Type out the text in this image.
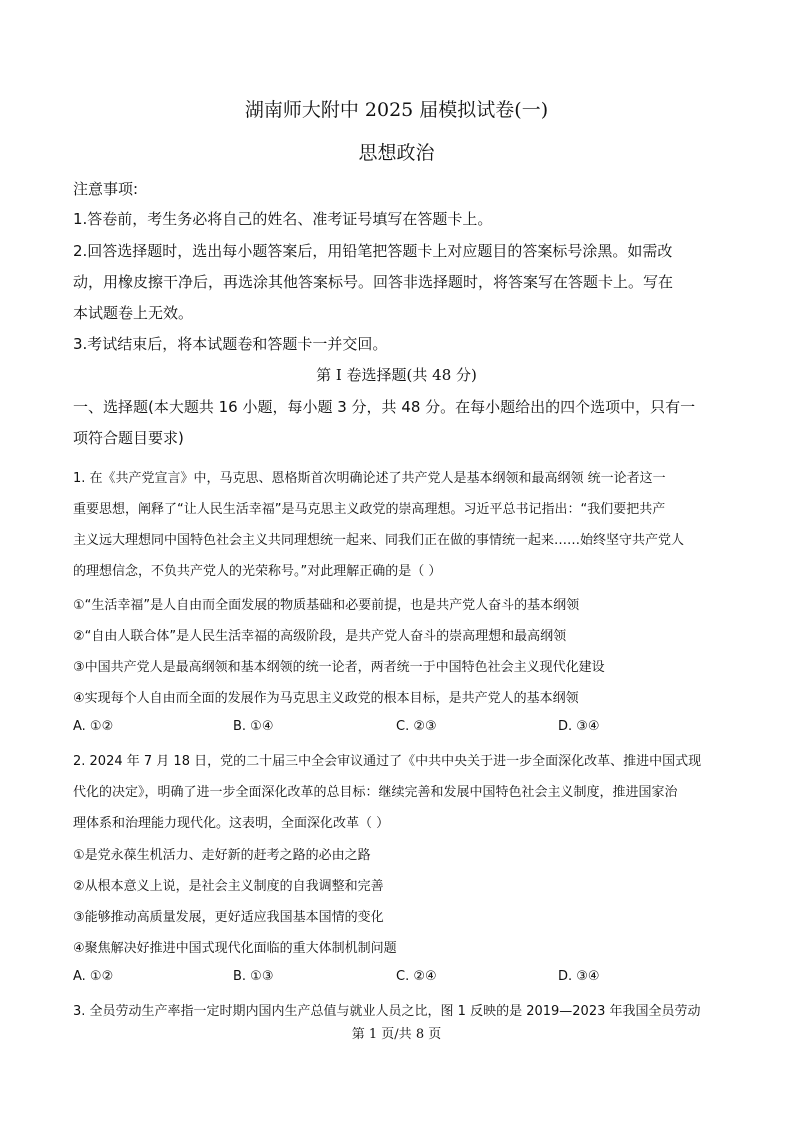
湖南师大附中 2025 届模拟试卷(一)
思想政治
注意事项:
1.答卷前，考生务必将自己的姓名、准考证号填写在答题卡上。
2.回答选择题时，选出每小题答案后，用铅笔把答题卡上对应题目的答案标号涂黑。如需改
动，用橡皮擦干净后，再选涂其他答案标号。回答非选择题时，将答案写在答题卡上。写在
本试题卷上无效。
3.考试结束后，将本试题卷和答题卡一并交回。
第 I 卷选择题(共 48 分)
一、选择题(本大题共 16 小题，每小题 3 分，共 48 分。在每小题给出的四个选项中，只有一
项符合题目要求)
1. 在《共产党宣言》中，马克思、恩格斯首次明确论述了共产党人是基本纲领和最高纲领 统一论者这一
重要思想，阐释了“让人民生活幸福”是马克思主义政党的崇高理想。习近平总书记指出：“我们要把共产
主义远大理想同中国特色社会主义共同理想统一起来、同我们正在做的事情统一起来……始终坚守共产党人
的理想信念，不负共产党人的光荣称号。”对此理解正确的是（ ）
①“生活幸福”是人自由而全面发展的物质基础和必要前提，也是共产党人奋斗的基本纲领
②“自由人联合体”是人民生活幸福的高级阶段，是共产党人奋斗的崇高理想和最高纲领
③中国共产党人是最高纲领和基本纲领的统一论者，两者统一于中国特色社会主义现代化建设
④实现每个人自由而全面的发展作为马克思主义政党的根本目标，是共产党人的基本纲领
A. ①②	B. ①④	C. ②③	D. ③④
2. 2024 年 7 月 18 日，党的二十届三中全会审议通过了《中共中央关于进一步全面深化改革、推进中国式现
代化的决定》，明确了进一步全面深化改革的总目标：继续完善和发展中国特色社会主义制度，推进国家治
理体系和治理能力现代化。这表明，全面深化改革（ ）
①是党永葆生机活力、走好新的赶考之路的必由之路
②从根本意义上说，是社会主义制度的自我调整和完善
③能够推动高质量发展，更好适应我国基本国情的变化
④聚焦解决好推进中国式现代化面临的重大体制机制问题
A. ①②	B. ①③	C. ②④	D. ③④
3. 全员劳动生产率指一定时期内国内生产总值与就业人员之比，图 1 反映的是 2019—2023 年我国全员劳动
第 1 页/共 8 页
